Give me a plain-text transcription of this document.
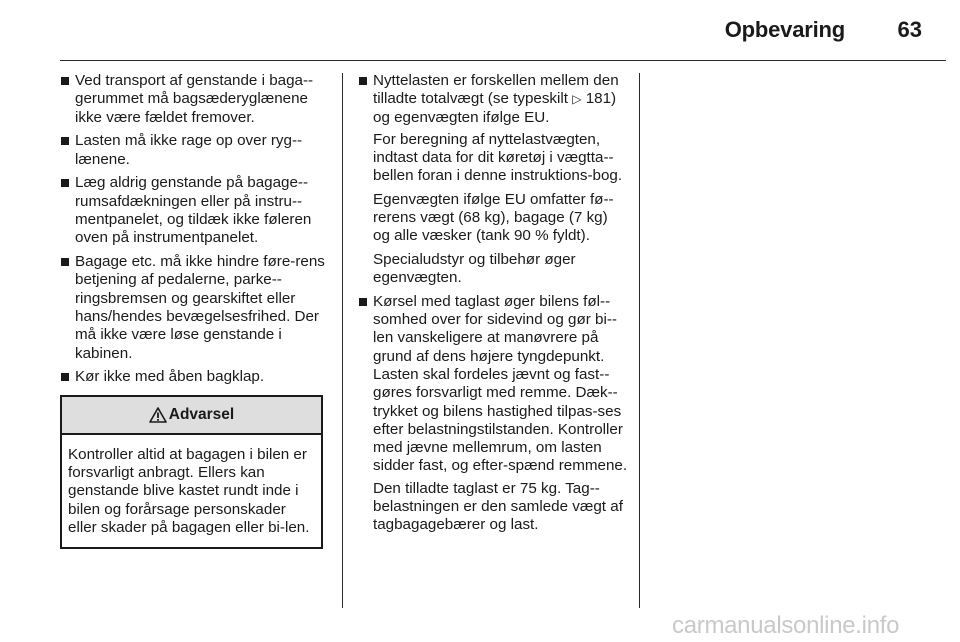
Opbevaring	63
Ved transport af genstande i baga-gerummet må bagsæderyglænene ikke være fældet fremover.
Lasten må ikke rage op over ryg-lænene.
Læg aldrig genstande på bagage-rumsafdækningen eller på instru-mentpanelet, og tildæk ikke føleren oven på instrumentpanelet.
Bagage etc. må ikke hindre føre-rens betjening af pedalerne, parke-ringsbremsen og gearskiftet eller hans/hendes bevægelsesfrihed. Der må ikke være løse genstande i kabinen.
Kør ikke med åben bagklap.
Advarsel
Kontroller altid at bagagen i bilen er forsvarligt anbragt. Ellers kan genstande blive kastet rundt inde i bilen og forårsage personskader eller skader på bagagen eller bi-len.
Nyttelasten er forskellen mellem den tilladte totalvægt (se typeskilt ▷ 181) og egenvægten ifølge EU.

For beregning af nyttelastvægten, indtast data for dit køretøj i vægtta-bellen foran i denne instruktions-bog.

Egenvægten ifølge EU omfatter fø-rerens vægt (68 kg), bagage (7 kg) og alle væsker (tank 90 % fyldt).

Specialudstyr og tilbehør øger egenvægten.

Kørsel med taglast øger bilens føl-somhed over for sidevind og gør bi-len vanskeligere at manøvrere på grund af dens højere tyngdepunkt. Lasten skal fordeles jævnt og fast-gøres forsvarligt med remme. Dæk-trykket og bilens hastighed tilpas-ses efter belastningstilstanden. Kontroller med jævne mellemrum, om lasten sidder fast, og efter-spænd remmene.

Den tilladte taglast er 75 kg. Tag-belastningen er den samlede vægt af tagbagagebærer og last.

carmanualsonline.info
